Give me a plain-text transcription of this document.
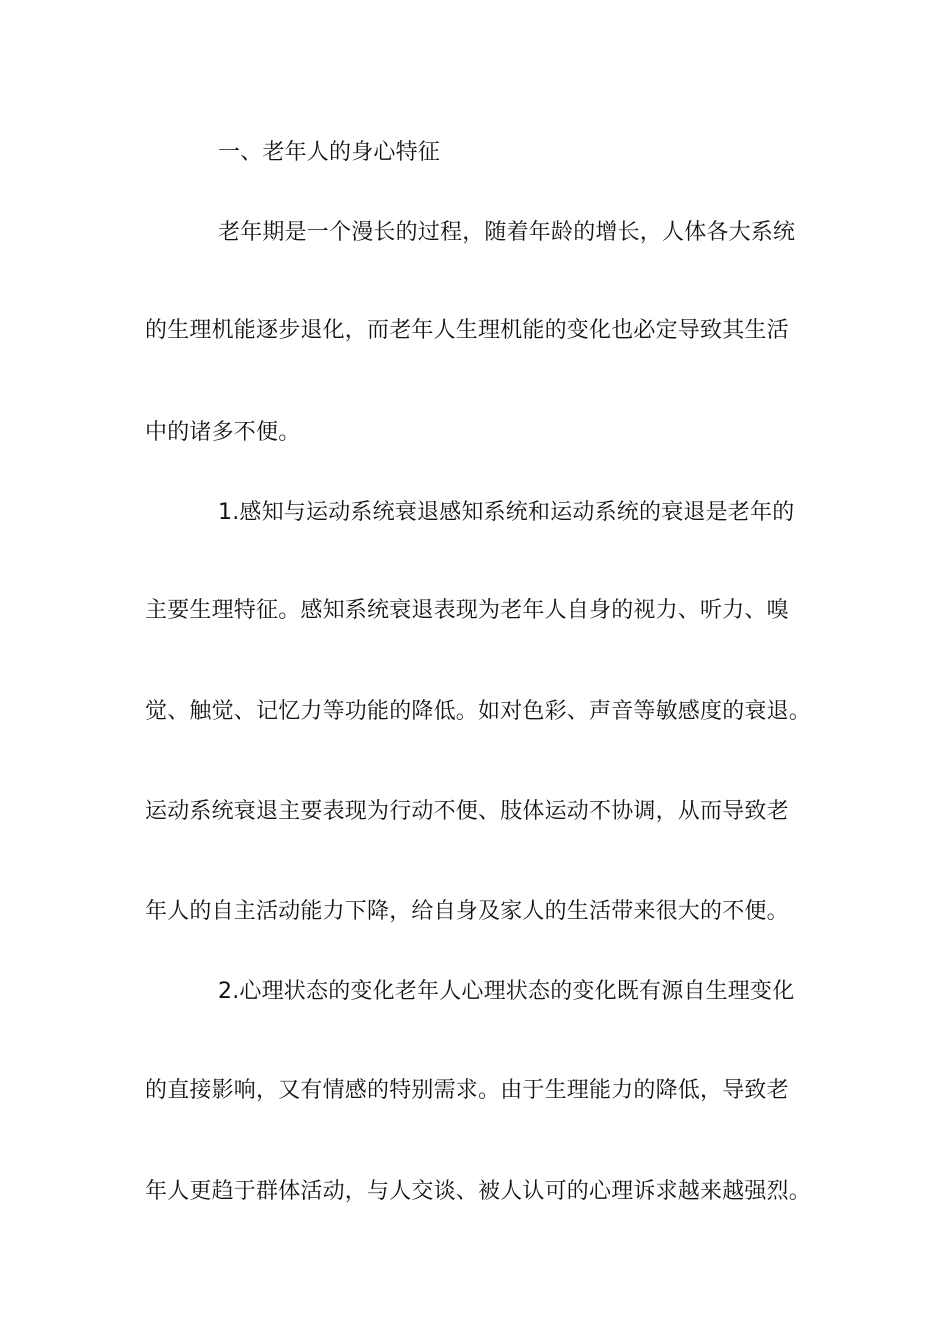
一、老年人的身心特征
老年期是一个漫长的过程，随着年龄的增长，人体各大系统
的生理机能逐步退化，而老年人生理机能的变化也必定导致其生活
中的诸多不便。
1.感知与运动系统衰退感知系统和运动系统的衰退是老年的
主要生理特征。感知系统衰退表现为老年人自身的视力、听力、嗅
觉、触觉、记忆力等功能的降低。如对色彩、声音等敏感度的衰退。
运动系统衰退主要表现为行动不便、肢体运动不协调，从而导致老
年人的自主活动能力下降，给自身及家人的生活带来很大的不便。
2.心理状态的变化老年人心理状态的变化既有源自生理变化
的直接影响，又有情感的特别需求。由于生理能力的降低，导致老
年人更趋于群体活动，与人交谈、被人认可的心理诉求越来越强烈。
